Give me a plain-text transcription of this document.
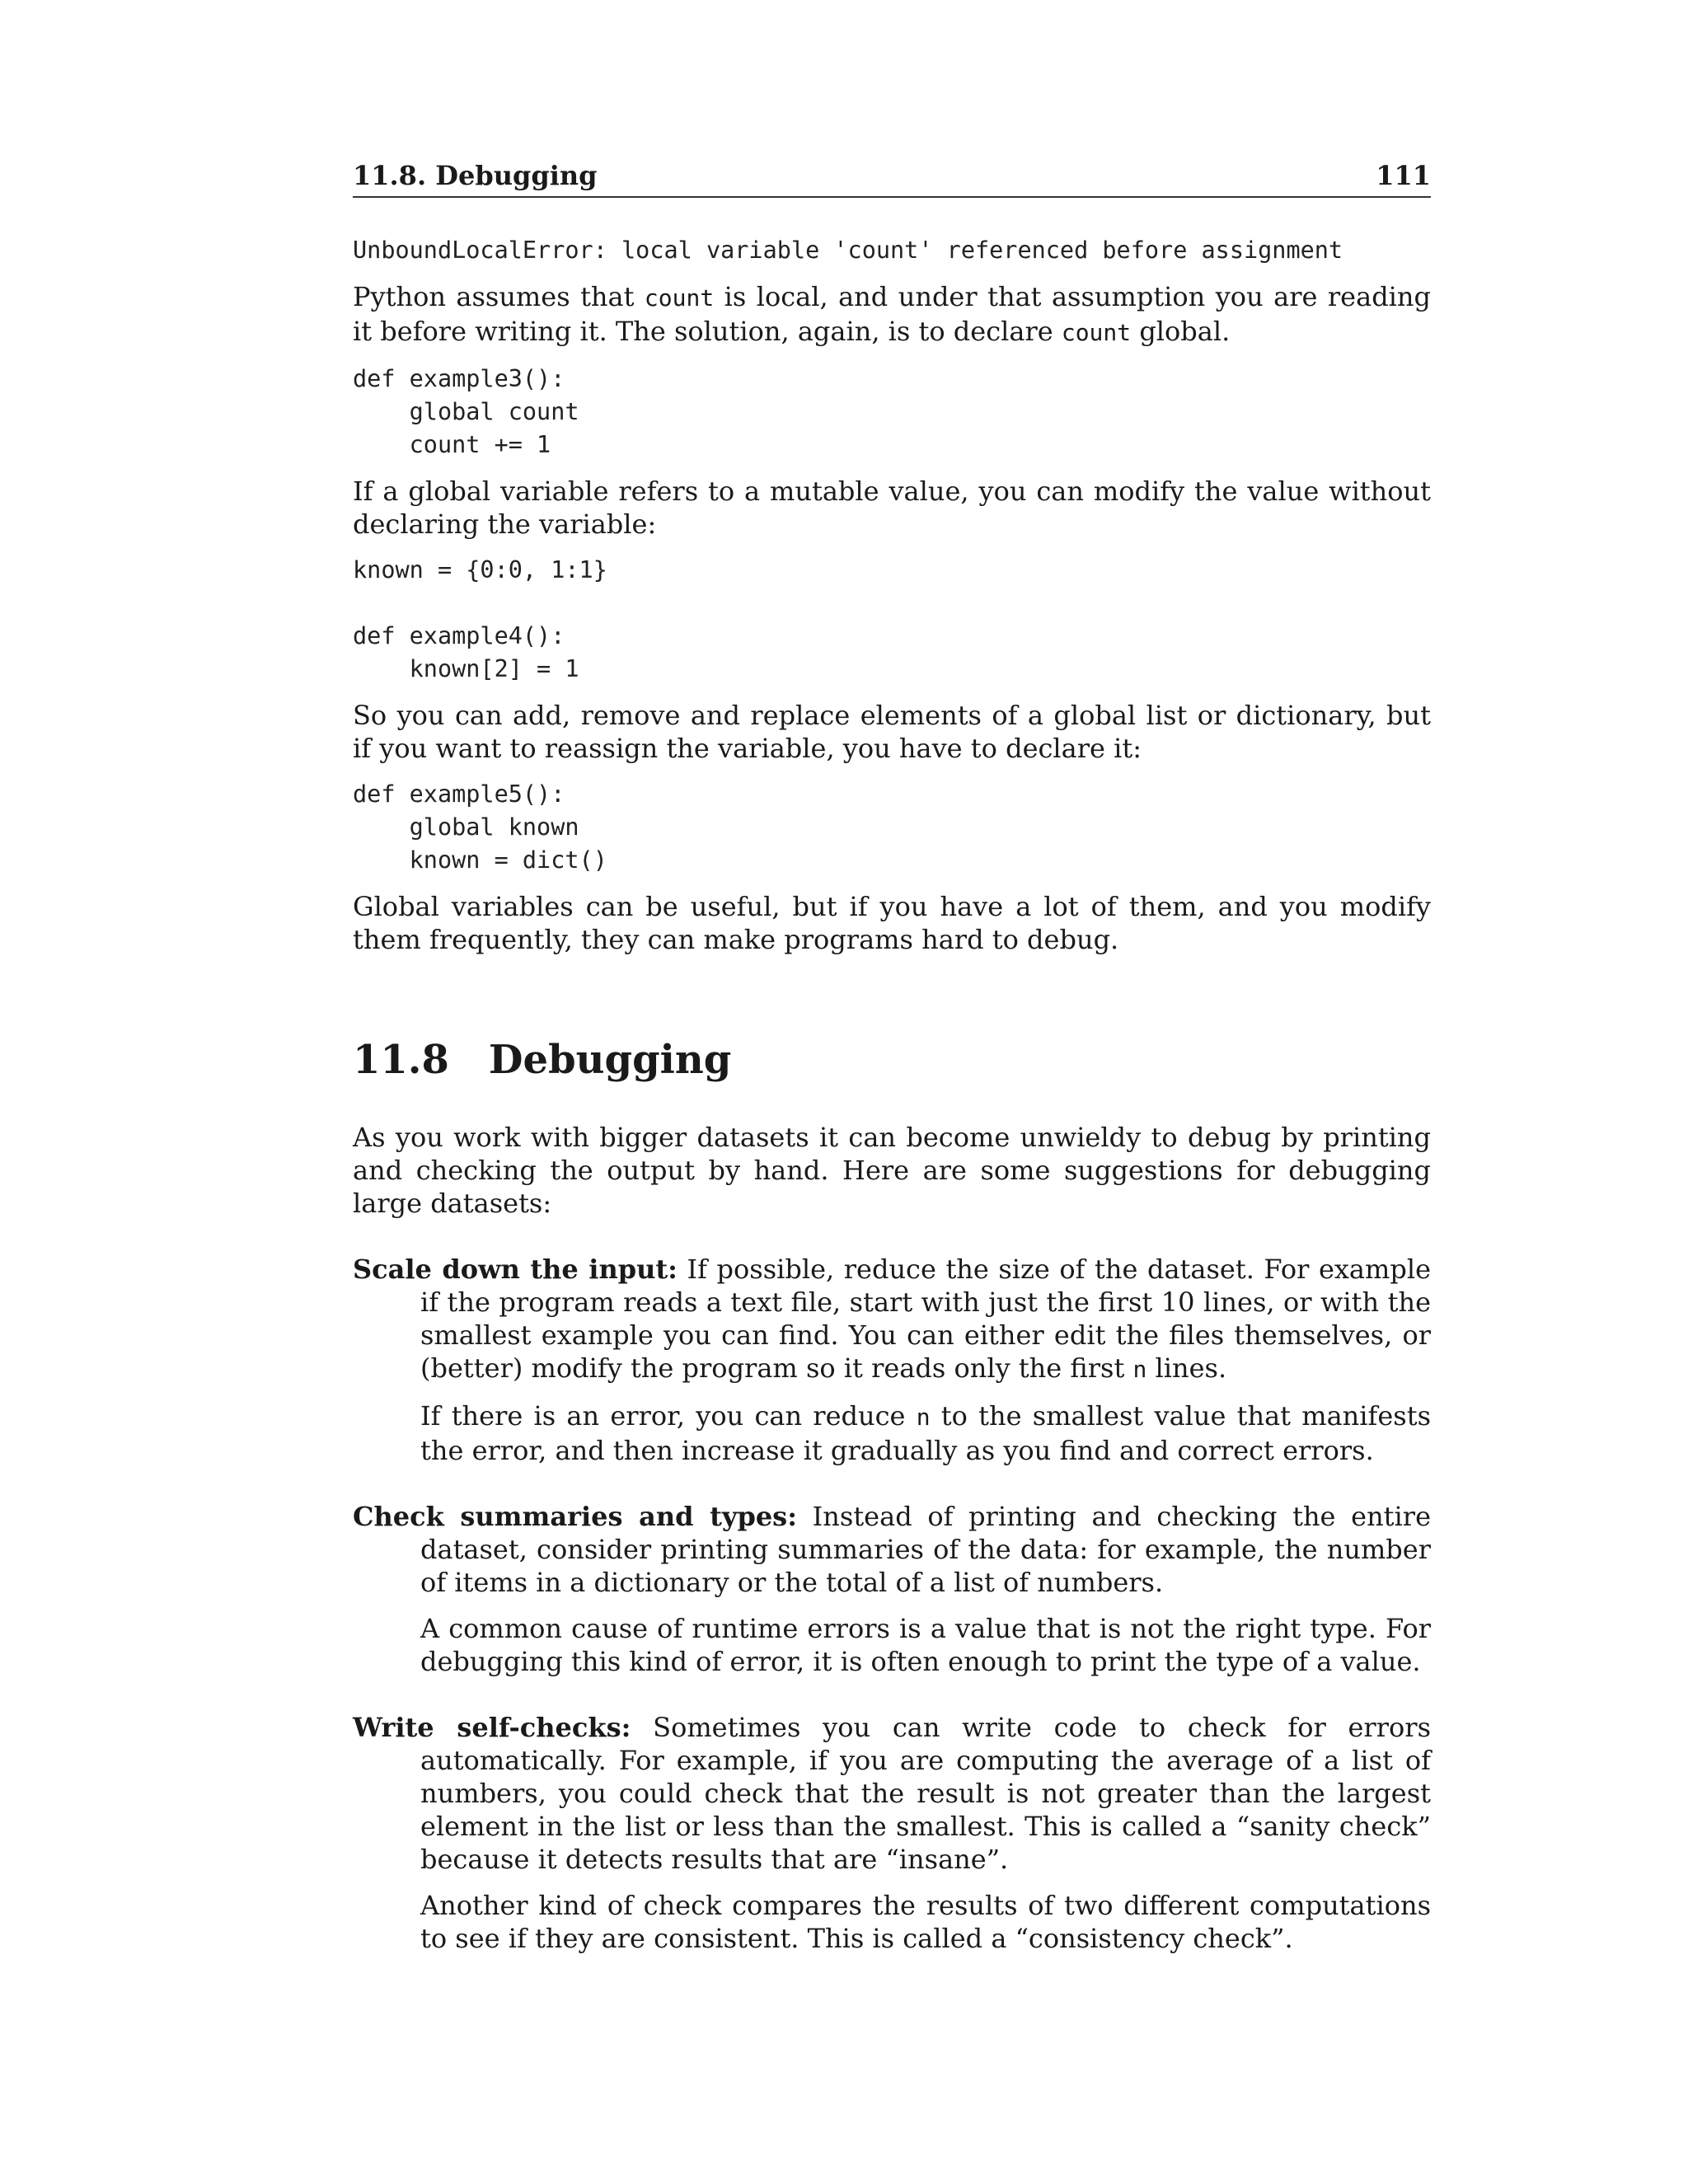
11.8. Debugging	111
UnboundLocalError: local variable 'count' referenced before assignment

Python assumes that count is local, and under that assumption you are reading it before writing it. The solution, again, is to declare count global.

def example3():
global count
count += 1

If a global variable refers to a mutable value, you can modify the value without declaring the variable:

known = {0:0, 1:1}

def example4():
known[2] = 1

So you can add, remove and replace elements of a global list or dictionary, but if you want to reassign the variable, you have to declare it:

def example5():
global known
known = dict()

Global variables can be useful, but if you have a lot of them, and you modify them frequently, they can make programs hard to debug.

11.8 Debugging

As you work with bigger datasets it can become unwieldy to debug by printing and checking the output by hand. Here are some suggestions for debugging large datasets:

Scale down the input: If possible, reduce the size of the dataset. For example if the program reads a text file, start with just the first 10 lines, or with the smallest example you can find. You can either edit the files themselves, or (better) modify the program so it reads only the first n lines.

If there is an error, you can reduce n to the smallest value that manifests the error, and then increase it gradually as you find and correct errors.

Check summaries and types: Instead of printing and checking the entire dataset, consider printing summaries of the data: for example, the number of items in a dictionary or the total of a list of numbers.

A common cause of runtime errors is a value that is not the right type. For debugging this kind of error, it is often enough to print the type of a value.

Write self-checks: Sometimes you can write code to check for errors automatically. For example, if you are computing the average of a list of numbers, you could check that the result is not greater than the largest element in the list or less than the smallest. This is called a “sanity check” because it detects results that are “insane”.

Another kind of check compares the results of two different computations to see if they are consistent. This is called a “consistency check”.
